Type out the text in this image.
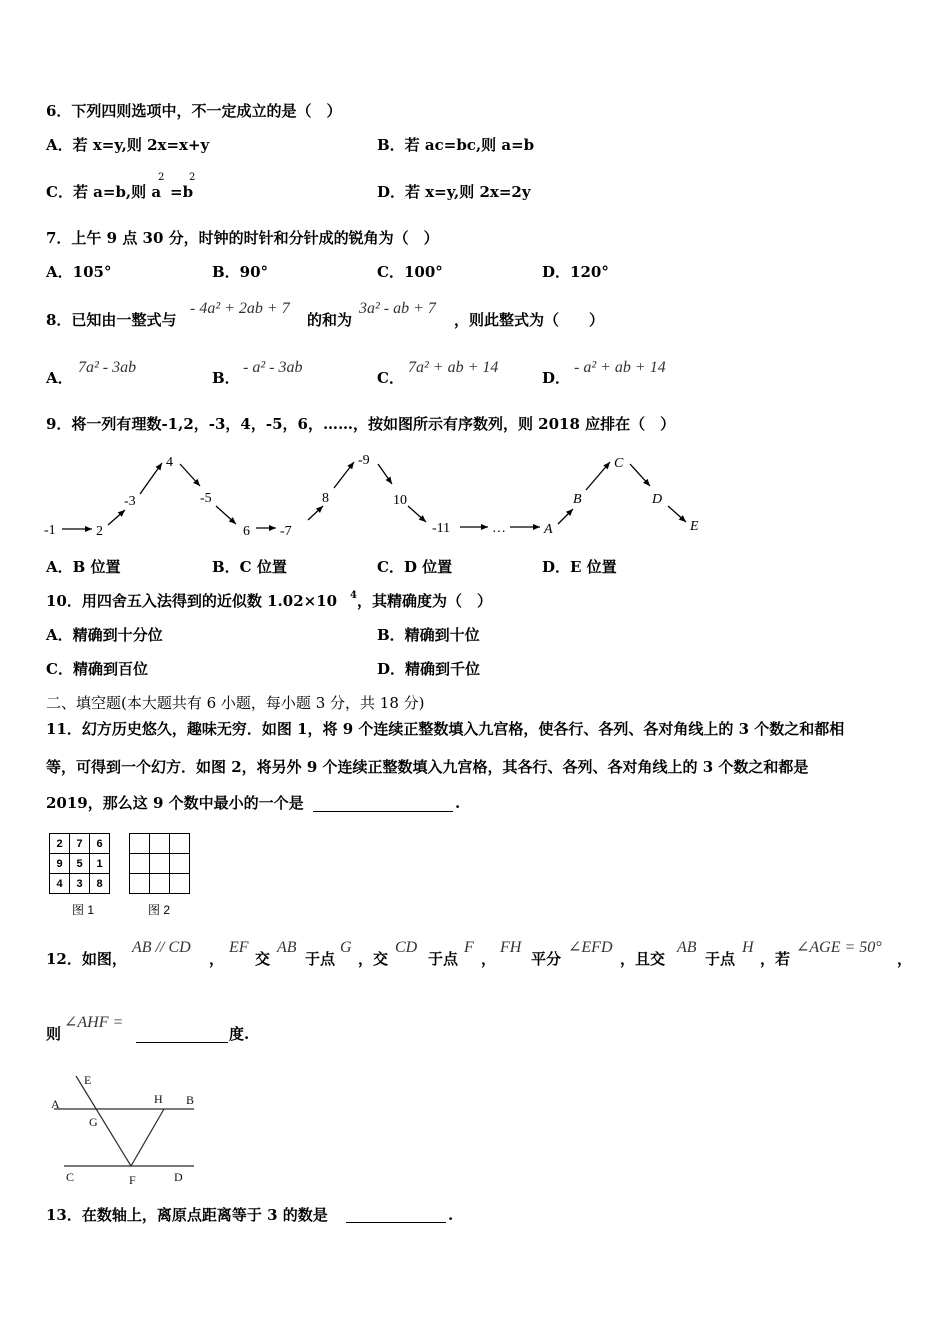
6．下列四则选项中，不一定成立的是（　）
A．若 x=y,则 2x=x+y	B．若 ac=bc,则 a=b
C．若 a=b,则 a
2
=b
2
D．若 x=y,则 2x=2y
7．上午 9 点 30 分，时钟的时针和分针成的锐角为（　）
A．105°	B．90°	C．100°	D．120°
8．已知由一整式与
- 4a² + 2ab + 7
的和为
3a² - ab + 7
，则此整式为（　　）
A．
7a² - 3ab
B．
- a² - 3ab
C．
7a² + ab + 14
D．
- a² + ab + 14
9．将一列有理数-1,2，-3，4，-5，6，……，按如图所示有序数列，则 2018 应排在（　）
-1	2
-3
4
-5
6 -7
8
-9
10
-11	…	A
B
C
D
E
A．B 位置	B．C 位置	C．D 位置	D．E 位置
10．用四舍五入法得到的近似数 1.02×10 4 ，其精确度为（　）
A．精确到十分位	B．精确到十位
C．精确到百位	D．精确到千位
二、填空题(本大题共有 6 小题，每小题 3 分，共 18 分)
11．幻方历史悠久，趣味无穷．如图 1，将 9 个连续正整数填入九宫格，使各行、各列、各对角线上的 3 个数之和都相
等，可得到一个幻方．如图 2，将另外 9 个连续正整数填入九宫格，其各行、各列、各对角线上的 3 个数之和都是
2019，那么这 9 个数中最小的一个是	.
2	7	6
9	5	1
4	3	8
图 1

			图 2
12．如图，
AB // CD
，
EF
交
AB
于点
G
，交
CD
于点
F
，
FH
平分
∠EFD
，且交
AB
于点
H
，若
∠AGE = 50°
，
则
∠AHF =
度.
E
A
G
H B
C	F	D
13．在数轴上，离原点距离等于 3 的数是	.
